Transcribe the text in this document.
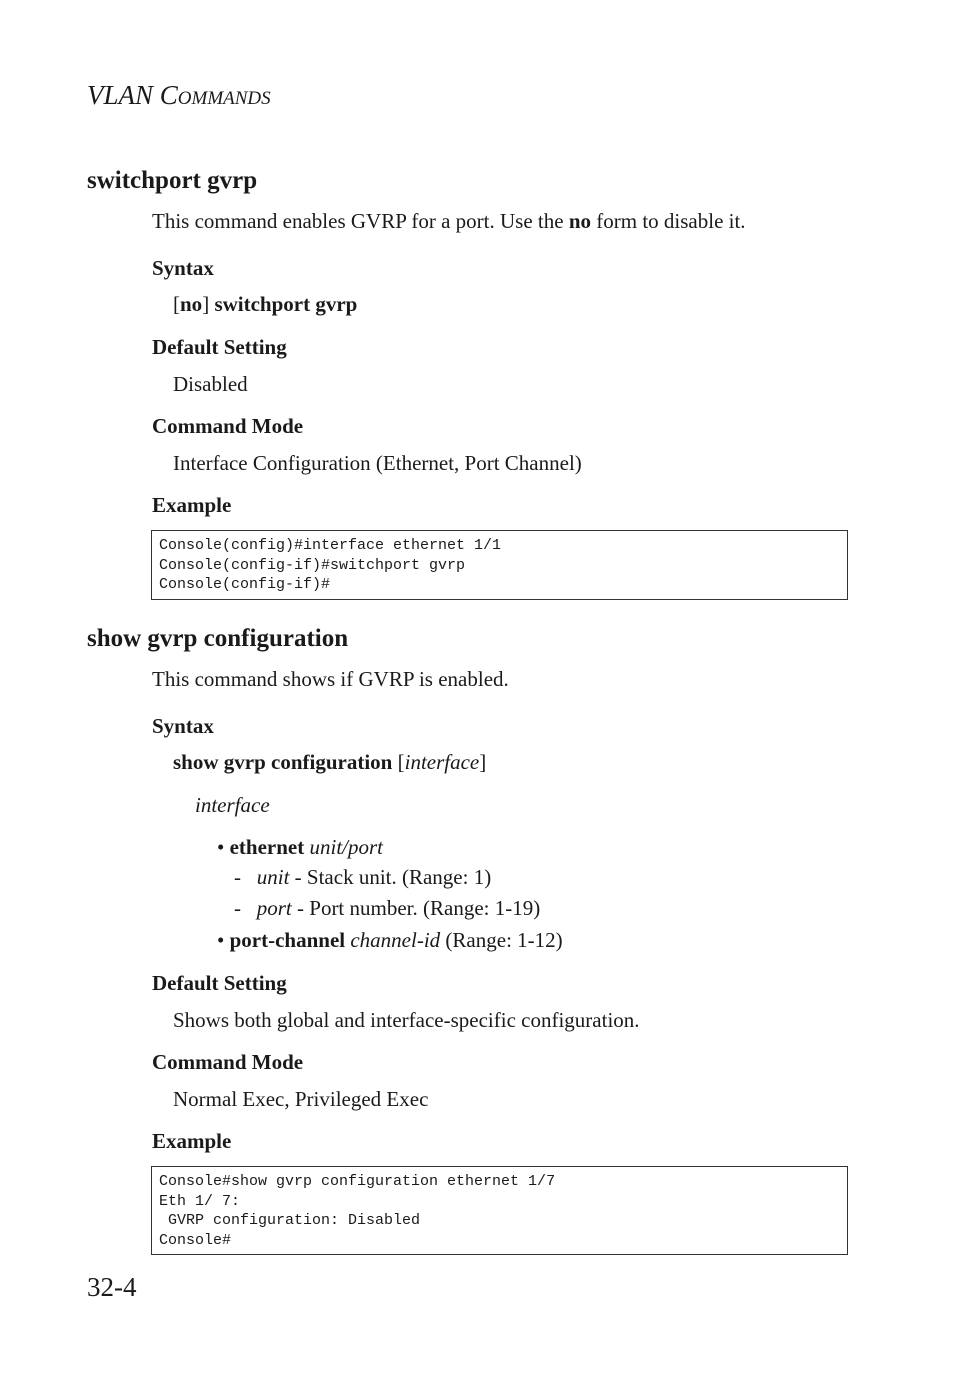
VLAN COMMANDS
switchport gvrp
This command enables GVRP for a port. Use the no form to disable it.
Syntax
[no] switchport gvrp
Default Setting
Disabled
Command Mode
Interface Configuration (Ethernet, Port Channel)
Example
Console(config)#interface ethernet 1/1
Console(config-if)#switchport gvrp
Console(config-if)#
show gvrp configuration
This command shows if GVRP is enabled.
Syntax
show gvrp configuration [interface]
interface
• ethernet unit/port
- unit - Stack unit. (Range: 1)
- port - Port number. (Range: 1-19)
• port-channel channel-id (Range: 1-12)
Default Setting
Shows both global and interface-specific configuration.
Command Mode
Normal Exec, Privileged Exec
Example
Console#show gvrp configuration ethernet 1/7
Eth 1/ 7:
GVRP configuration: Disabled
Console#
32-4
